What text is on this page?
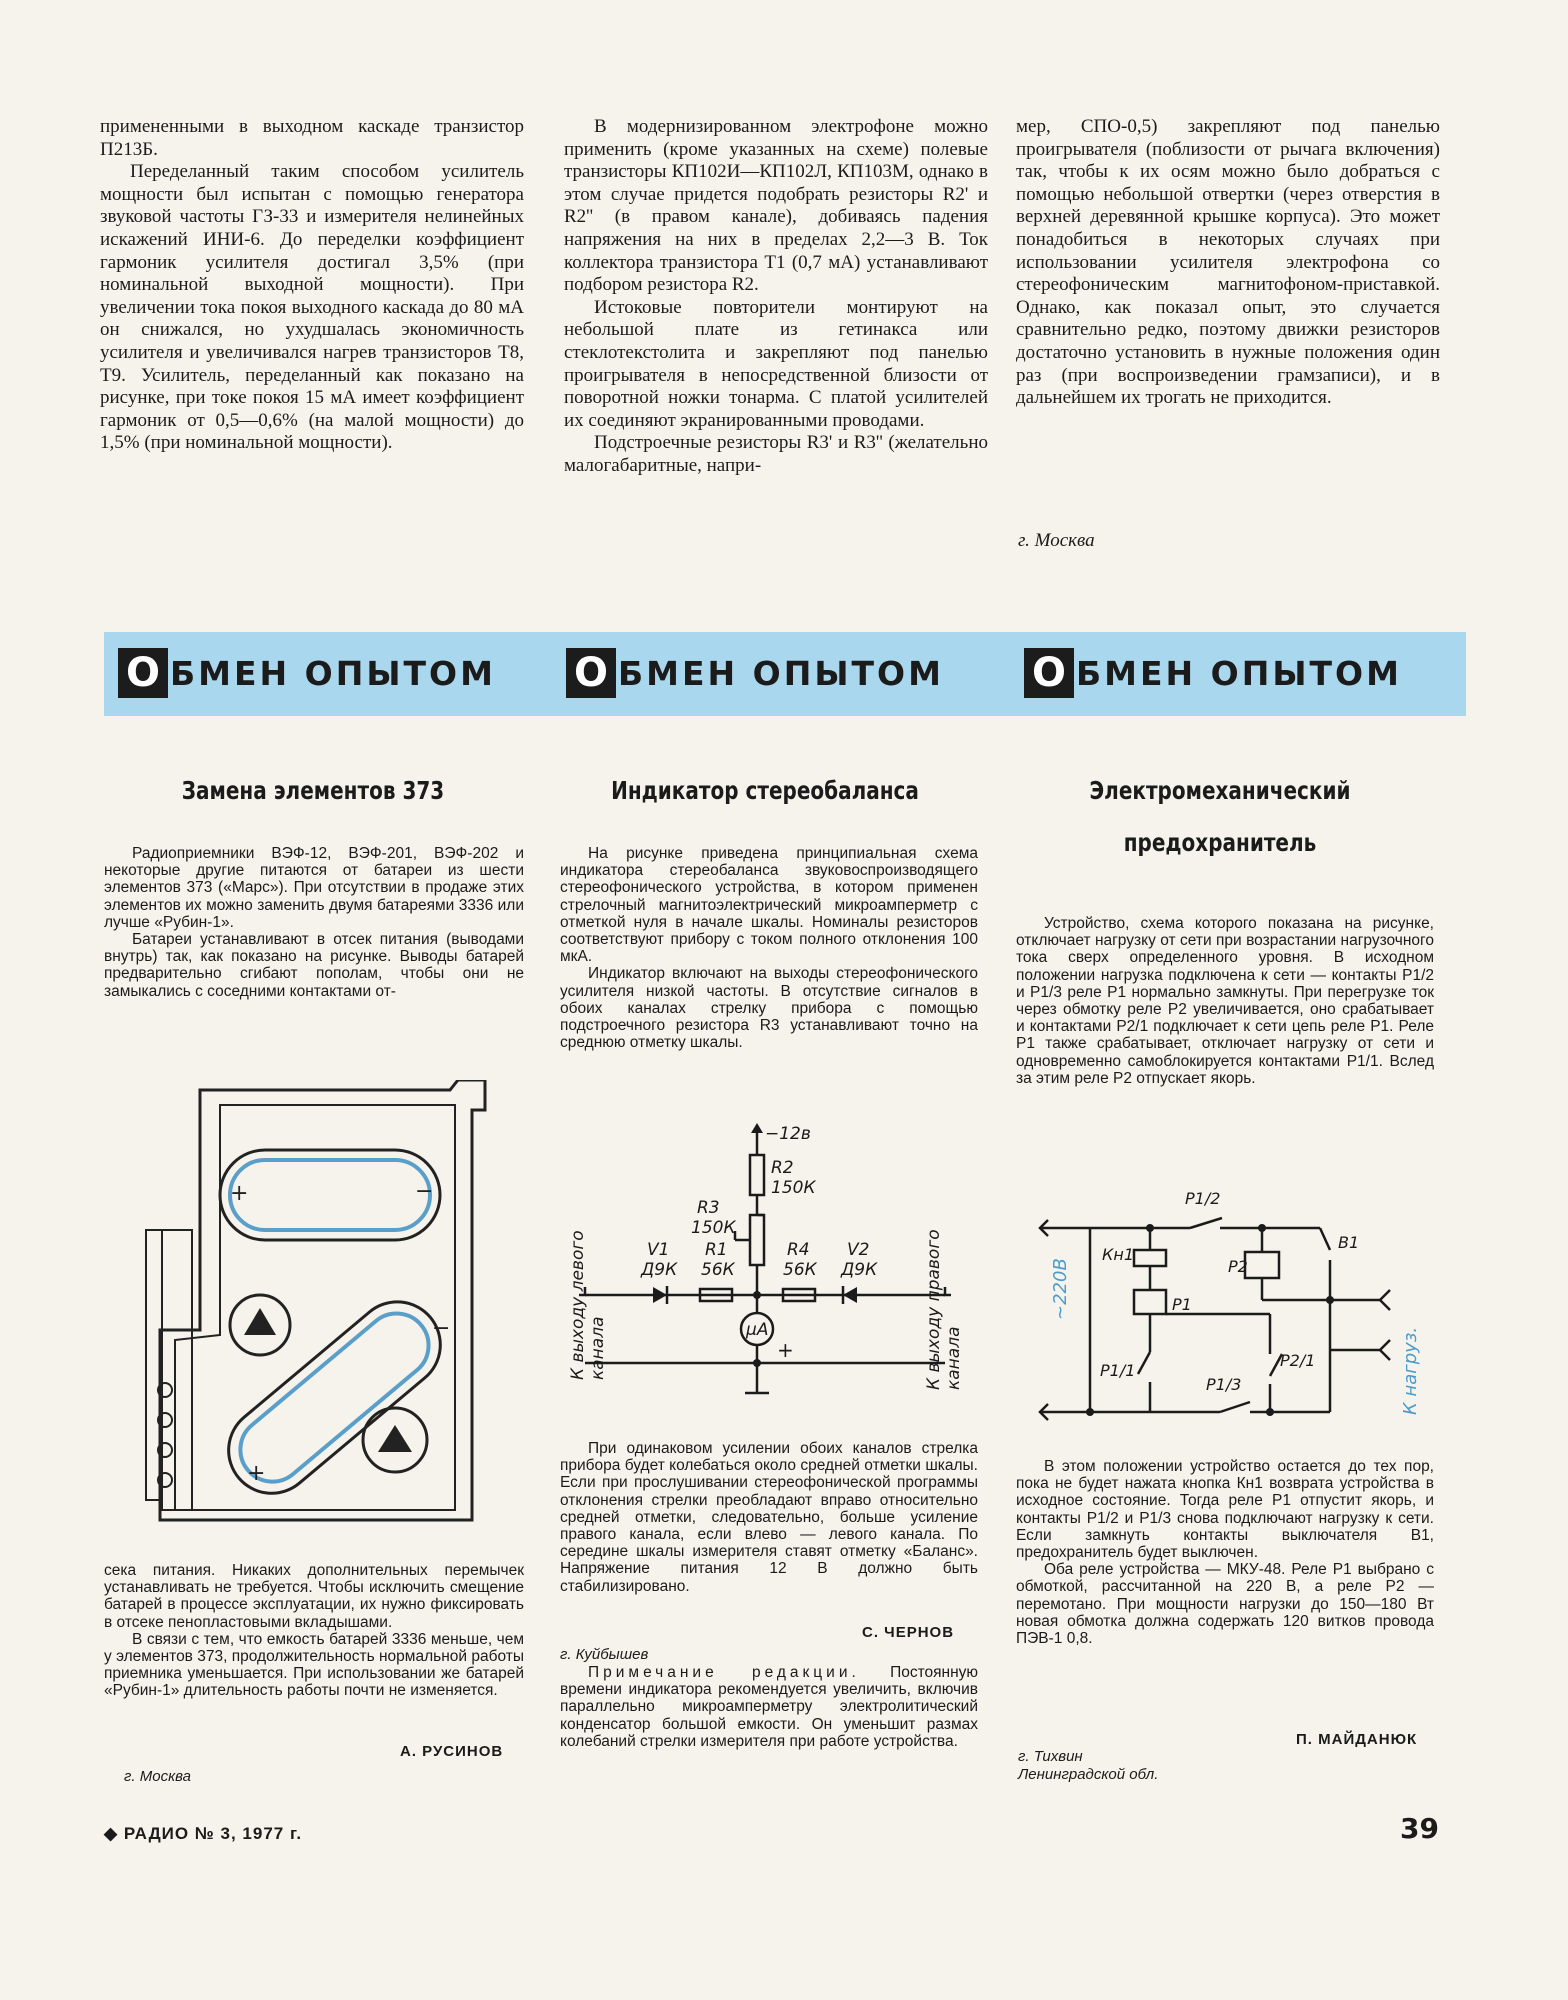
примененными в выходном каскаде транзистор П213Б.

Переделанный таким способом усилитель мощности был испытан с помощью генератора звуковой частоты ГЗ-33 и измерителя нелинейных искажений ИНИ-6. До переделки коэффициент гармоник усилителя достигал 3,5% (при номинальной выходной мощности). При увеличении тока покоя выходного каскада до 80 мА он снижался, но ухудшалась экономичность усилителя и увеличивался нагрев транзисторов T8, T9. Усилитель, переделанный как показано на рисунке, при токе покоя 15 мА имеет коэффициент гармоник от 0,5—0,6% (на малой мощности) до 1,5% (при номинальной мощности).

В модернизированном электрофоне можно применить (кроме указанных на схеме) полевые транзисторы КП102И—КП102Л, КП103М, однако в этом случае придется подобрать резисторы R2' и R2'' (в правом канале), добиваясь падения напряжения на них в пределах 2,2—3 В. Ток коллектора транзистора T1 (0,7 мА) устанавливают подбором резистора R2.

Истоковые повторители монтируют на небольшой плате из гетинакса или стеклотекстолита и закрепляют под панелью проигрывателя в непосредственной близости от поворотной ножки тонарма. С платой усилителей их соединяют экранированными проводами.

Подстроечные резисторы R3' и R3'' (желательно малогабаритные, напри-

мер, СПО-0,5) закрепляют под панелью проигрывателя (поблизости от рычага включения) так, чтобы к их осям можно было добраться с помощью небольшой отвертки (через отверстия в верхней деревянной крышке корпуса). Это может понадобиться в некоторых случаях при использовании усилителя электрофона со стереофоническим магнитофоном-приставкой. Однако, как показал опыт, это случается сравнительно редко, поэтому движки резисторов достаточно установить в нужные положения один раз (при воспроизведении грамзаписи), и в дальнейшем их трогать не приходится.

г. Москва
О БМЕН ОПЫТОМ О БМЕН ОПЫТОМ О БМЕН ОПЫТОМ
Замена элементов 373

Радиоприемники ВЭФ-12, ВЭФ-201, ВЭФ-202 и некоторые другие питаются от батареи из шести элементов 373 («Марс»). При отсутствии в продаже этих элементов их можно заменить двумя батареями 3336 или лучше «Рубин-1».

Батареи устанавливают в отсек питания (выводами внутрь) так, как показано на рисунке. Выводы батарей предварительно сгибают пополам, чтобы они не замыкались с соседними контактами от-

+	−
+
−

сека питания. Никаких дополнительных перемычек устанавливать не требуется. Чтобы исключить смещение батарей в процессе эксплуатации, их нужно фиксировать в отсеке пенопластовыми вкладышами.

В связи с тем, что емкость батарей 3336 меньше, чем у элементов 373, продолжительность нормальной работы приемника уменьшается. При использовании же батарей «Рубин-1» длительность работы почти не изменяется.

А. РУСИНОВ
г. Москва
Индикатор стереобаланса

На рисунке приведена принципиальная схема индикатора стереобаланса звуковоспроизводящего стереофонического устройства, в котором применен стрелочный магнитоэлектрический микроамперметр с отметкой нуля в начале шкалы. Номиналы резисторов соответствуют прибору с током полного отклонения 100 мкА.

Индикатор включают на выходы стереофонического усилителя низкой частоты. В отсутствие сигналов в обоих каналах стрелку прибора с помощью подстроечного резистора R3 устанавливают точно на среднюю отметку шкалы.

−12в
R2
150К
R3
150К
V1
Д9К
R1
56К
R4
56К
V2
Д9К
μA
+
К выходу левого канала	К выходу правого канала

При одинаковом усилении обоих каналов стрелка прибора будет колебаться около средней отметки шкалы. Если при прослушивании стереофонической программы отклонения стрелки преобладают вправо относительно средней отметки, следовательно, больше усиление правого канала, если влево — левого канала. По середине шкалы измерителя ставят отметку «Баланс». Напряжение питания 12 В должно быть стабилизировано.

С. ЧЕРНОВ
г. Куйбышев

Примечание редакции. Постоянную времени индикатора рекомендуется увеличить, включив параллельно микроамперметру электролитический конденсатор большой емкости. Он уменьшит размах колебаний стрелки измерителя при работе устройства.

Электромеханический
предохранитель

Устройство, схема которого показана на рисунке, отключает нагрузку от сети при возрастании нагрузочного тока сверх определенного уровня. В исходном положении нагрузка подключена к сети — контакты P1/2 и P1/3 реле P1 нормально замкнуты. При перегрузке ток через обмотку реле P2 увеличивается, оно срабатывает и контактами P2/1 подключает к сети цепь реле P1. Реле P1 также срабатывает, отключает нагрузку от сети и одновременно самоблокируется контактами P1/1. Вслед за этим реле P2 отпускает якорь.

Кн1
P1/2
P2
B1
P1
P1/1
P1/3
P2/1
~220В
К нагруз.

В этом положении устройство остается до тех пор, пока не будет нажата кнопка Кн1 возврата устройства в исходное состояние. Тогда реле P1 отпустит якорь, и контакты P1/2 и P1/3 снова подключают нагрузку к сети. Если замкнуть контакты выключателя B1, предохранитель будет выключен.

Оба реле устройства — МКУ-48. Реле P1 выбрано с обмоткой, рассчитанной на 220 В, а реле P2 — перемотано. При мощности нагрузки до 150—180 Вт новая обмотка должна содержать 120 витков провода ПЭВ-1 0,8.

П. МАЙДАНЮК
г. Тихвин
Ленинградской обл.
◆ РАДИО № 3, 1977 г.	39
